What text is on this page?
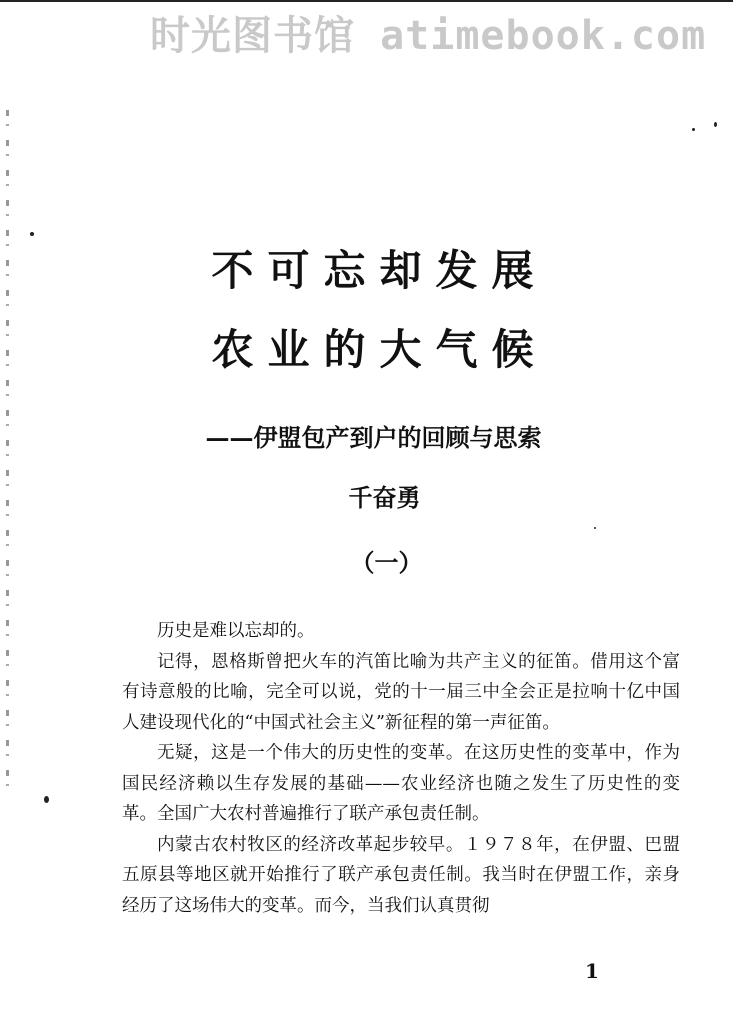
时光图书馆 atimebook.com
不可忘却发展
农业的大气候
——伊盟包产到户的回顾与思索
千奋勇
（一）

历史是难以忘却的。

记得，恩格斯曾把火车的汽笛比喻为共产主义的征笛。借用这个富有诗意般的比喻，完全可以说，党的十一届三中全会正是拉响十亿中国人建设现代化的“中国式社会主义”新征程的第一声征笛。

无疑，这是一个伟大的历史性的变革。在这历史性的变革中，作为国民经济赖以生存发展的基础——农业经济也随之发生了历史性的变革。全国广大农村普遍推行了联产承包责任制。

内蒙古农村牧区的经济改革起步较早。１９７８年，在伊盟、巴盟五原县等地区就开始推行了联产承包责任制。我当时在伊盟工作，亲身经历了这场伟大的变革。而今，当我们认真贯彻

1
